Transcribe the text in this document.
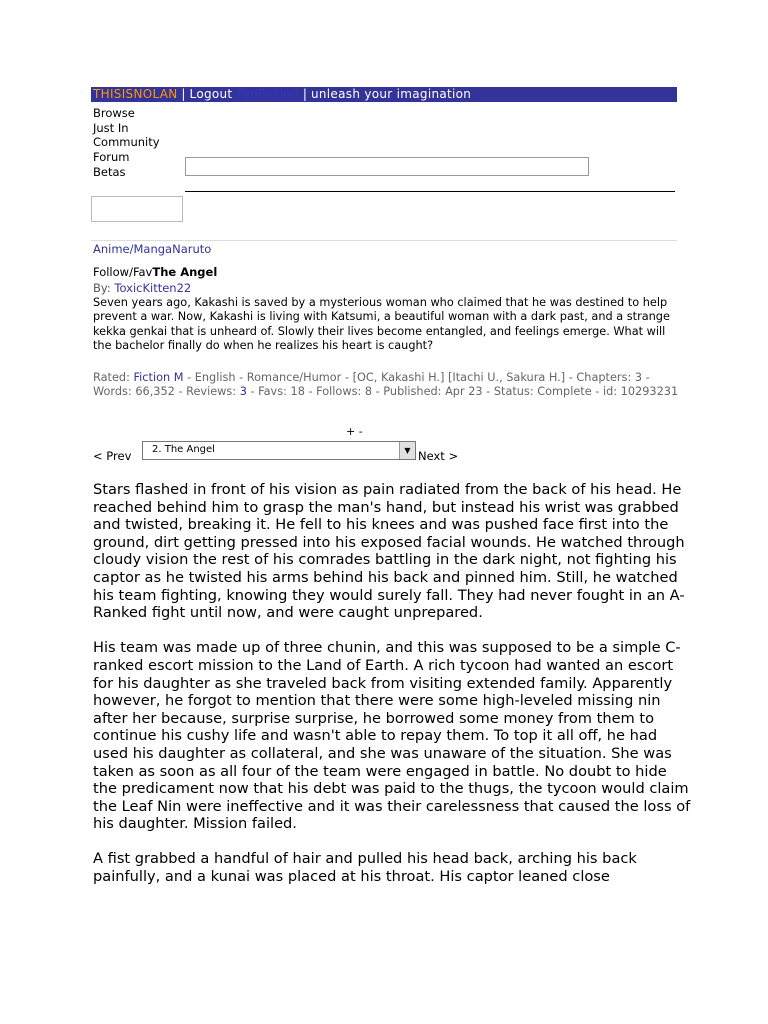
THISISNOLAN | Logout FanFiction | unleash your imagination
Browse
Just In
Community
Forum
Betas
Anime/MangaNaruto
Follow/FavThe Angel
By: ToxicKitten22
Seven years ago, Kakashi is saved by a mysterious woman who claimed that he was destined to help prevent a war. Now, Kakashi is living with Katsumi, a beautiful woman with a dark past, and a strange kekka genkai that is unheard of. Slowly their lives become entangled, and feelings emerge. What will the bachelor finally do when he realizes his heart is caught?
Rated: Fiction M - English - Romance/Humor - [OC, Kakashi H.] [Itachi U., Sakura H.] - Chapters: 3 - Words: 66,352 - Reviews: 3 - Favs: 18 - Follows: 8 - Published: Apr 23 - Status: Complete - id: 10293231
+ -
< Prev	2. The Angel	▼ Next >

Stars flashed in front of his vision as pain radiated from the back of his head. He reached behind him to grasp the man's hand, but instead his wrist was grabbed and twisted, breaking it. He fell to his knees and was pushed face first into the ground, dirt getting pressed into his exposed facial wounds. He watched through cloudy vision the rest of his comrades battling in the dark night, not fighting his captor as he twisted his arms behind his back and pinned him. Still, he watched his team fighting, knowing they would surely fall. They had never fought in an A-Ranked fight until now, and were caught unprepared.

His team was made up of three chunin, and this was supposed to be a simple C-ranked escort mission to the Land of Earth. A rich tycoon had wanted an escort for his daughter as she traveled back from visiting extended family. Apparently however, he forgot to mention that there were some high-leveled missing nin after her because, surprise surprise, he borrowed some money from them to continue his cushy life and wasn't able to repay them. To top it all off, he had used his daughter as collateral, and she was unaware of the situation. She was taken as soon as all four of the team were engaged in battle. No doubt to hide the predicament now that his debt was paid to the thugs, the tycoon would claim the Leaf Nin were ineffective and it was their carelessness that caused the loss of his daughter. Mission failed.

A fist grabbed a handful of hair and pulled his head back, arching his back painfully, and a kunai was placed at his throat. His captor leaned close
